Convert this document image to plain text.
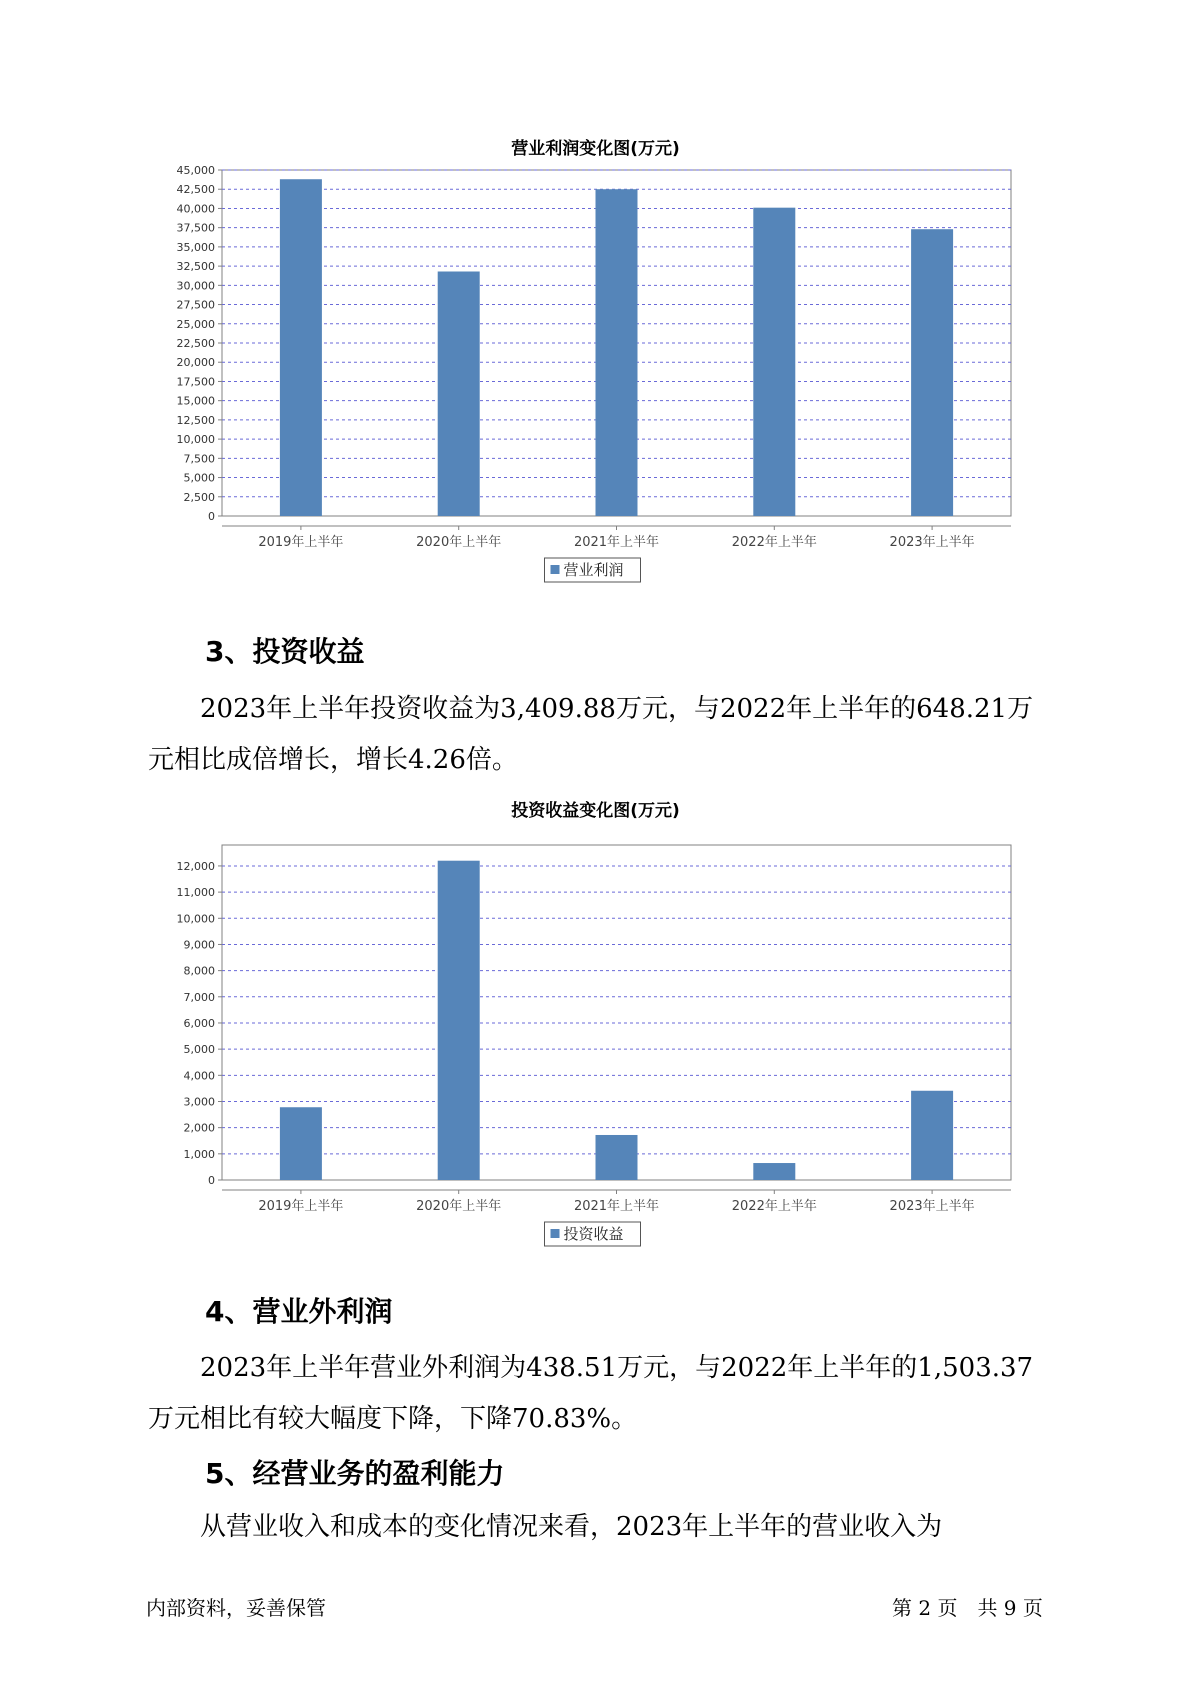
营业利润变化图(万元)
0
2,500
5,000
7,500
10,000
12,500
15,000
17,500
20,000
22,500
25,000
27,500
30,000
32,500
35,000
37,500
40,000
42,500
45,000
2019年上半年	2020年上半年	2021年上半年	2022年上半年	2023年上半年
营业利润
3、投资收益
2023年上半年投资收益为3,409.88万元，与2022年上半年的648.21万
元相比成倍增长，增长4.26倍。
投资收益变化图(万元)
0
1,000
2,000
3,000
4,000
5,000
6,000
7,000
8,000
9,000
10,000
11,000
12,000
2019年上半年	2020年上半年	2021年上半年	2022年上半年	2023年上半年
投资收益
4、营业外利润
2023年上半年营业外利润为438.51万元，与2022年上半年的1,503.37
万元相比有较大幅度下降，下降70.83%。
5、经营业务的盈利能力
从营业收入和成本的变化情况来看，2023年上半年的营业收入为
内部资料，妥善保管	第 2 页　共 9 页
